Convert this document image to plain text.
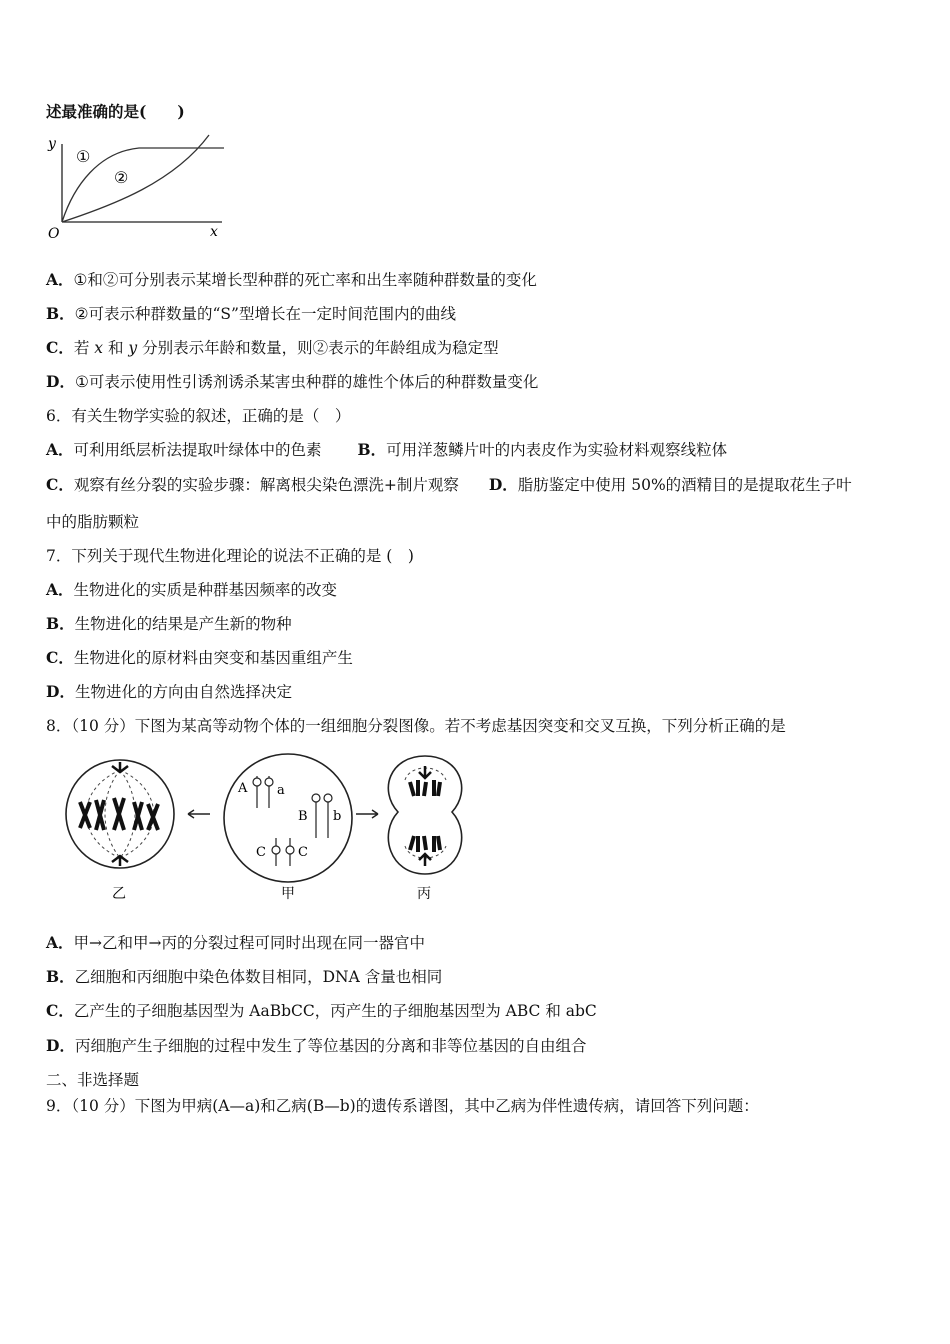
述最准确的是(　　)
y
x
O
①
②
A．①和②可分别表示某增长型种群的死亡率和出生率随种群数量的变化
B．②可表示种群数量的“S”型增长在一定时间范围内的曲线
C．若 x 和 y 分别表示年龄和数量，则②表示的年龄组成为稳定型
D．①可表示使用性引诱剂诱杀某害虫种群的雄性个体后的种群数量变化
6．有关生物学实验的叙述，正确的是（　）
A．可利用纸层析法提取叶绿体中的色素 B．可用洋葱鳞片叶的内表皮作为实验材料观察线粒体
C．观察有丝分裂的实验步骤：解离根尖染色漂洗+制片观察 D．脂肪鉴定中使用 50%的酒精目的是提取花生子叶
中的脂肪颗粒
7．下列关于现代生物进化理论的说法不正确的是 (　)
A．生物进化的实质是种群基因频率的改变
B．生物进化的结果是产生新的物种
C．生物进化的原材料由突变和基因重组产生
D．生物进化的方向由自然选择决定
8．（10 分）下图为某高等动物个体的一组细胞分裂图像。若不考虑基因突变和交叉互换，下列分析正确的是
A a
B b
C C
乙	甲	丙
A．甲→乙和甲→丙的分裂过程可同时出现在同一器官中
B．乙细胞和丙细胞中染色体数目相同，DNA 含量也相同
C．乙产生的子细胞基因型为 AaBbCC，丙产生的子细胞基因型为 ABC 和 abC
D．丙细胞产生子细胞的过程中发生了等位基因的分离和非等位基因的自由组合
二、非选择题
9．（10 分）下图为甲病(A—a)和乙病(B—b)的遗传系谱图，其中乙病为伴性遗传病，请回答下列问题：
